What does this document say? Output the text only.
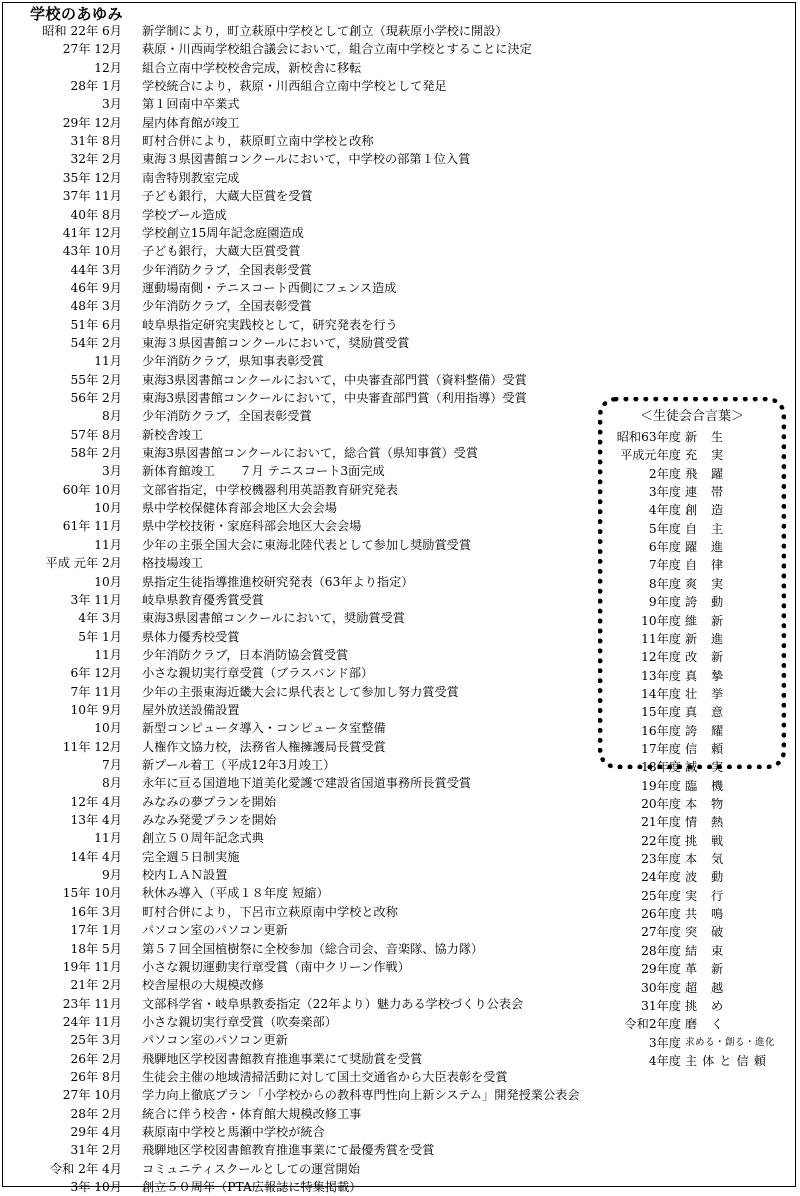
学校のあゆみ
昭和 22年 6月 新学制により，町立萩原中学校として創立（現萩原小学校に開設）
27年 12月 萩原・川西両学校組合議会において，組合立南中学校とすることに決定
12月 組合立南中学校校舎完成，新校舎に移転
28年 1月 学校統合により，萩原・川西組合立南中学校として発足
3月 第１回南中卒業式
29年 12月 屋内体育館が竣工
31年 8月 町村合併により，萩原町立南中学校と改称
32年 2月 東海３県図書館コンクールにおいて，中学校の部第１位入賞
35年 12月 南舎特別教室完成
37年 11月 子ども銀行，大蔵大臣賞を受賞
40年 8月 学校プール造成
41年 12月 学校創立15周年記念庭園造成
43年 10月 子ども銀行，大蔵大臣賞受賞
44年 3月 少年消防クラブ，全国表彰受賞
46年 9月 運動場南側・テニスコート西側にフェンス造成
48年 3月 少年消防クラブ，全国表彰受賞
51年 6月 岐阜県指定研究実践校として，研究発表を行う
54年 2月 東海３県図書館コンクールにおいて，奨励賞受賞
11月 少年消防クラブ，県知事表彰受賞
55年 2月 東海3県図書館コンクールにおいて，中央審査部門賞（資料整備）受賞
56年 2月 東海3県図書館コンクールにおいて，中央審査部門賞（利用指導）受賞
8月 少年消防クラブ，全国表彰受賞
57年 8月 新校舎竣工
58年 2月 東海3県図書館コンクールにおいて，総合賞（県知事賞）受賞
3月 新体育館竣工　　７月 テニスコート3面完成
60年 10月 文部省指定，中学校機器利用英語教育研究発表
10月 県中学校保健体育部会地区大会会場
61年 11月 県中学校技術・家庭科部会地区大会会場
11月 少年の主張全国大会に東海北陸代表として参加し奨励賞受賞
平成 元年 2月 格技場竣工
10月 県指定生徒指導推進校研究発表（63年より指定）
3年 11月 岐阜県教育優秀賞受賞
4年 3月 東海3県図書館コンクールにおいて，奨励賞受賞
5年 1月 県体力優秀校受賞
11月 少年消防クラブ，日本消防協会賞受賞
6年 12月 小さな親切実行章受賞（ブラスバンド部）
7年 11月 少年の主張東海近畿大会に県代表として参加し努力賞受賞
10年 9月 屋外放送設備設置
10月 新型コンピュータ導入・コンピュータ室整備
11年 12月 人権作文協力校，法務省人権擁護局長賞受賞
7月 新プール着工（平成12年3月竣工）
8月 永年に亘る国道地下道美化愛護で建設省国道事務所長賞受賞
12年 4月 みなみの夢プランを開始
13年 4月 みなみ発愛プランを開始
11月 創立５０周年記念式典
14年 4月 完全週５日制実施
9月 校内ＬＡＮ設置
15年 10月 秋休み導入（平成１８年度 短縮）
16年 3月 町村合併により，下呂市立萩原南中学校と改称
17年 1月 パソコン室のパソコン更新
18年 5月 第５７回全国植樹祭に全校参加（総合司会、音楽隊、協力隊）
19年 11月 小さな親切運動実行章受賞（南中クリーン作戦）
21年 2月 校舎屋根の大規模改修
23年 11月 文部科学省・岐阜県教委指定（22年より）魅力ある学校づくり公表会
24年 11月 小さな親切実行章受賞（吹奏楽部）
25年 3月 パソコン室のパソコン更新
26年 2月 飛騨地区学校図書館教育推進事業にて奨励賞を受賞
26年 8月 生徒会主催の地域清掃活動に対して国土交通省から大臣表彰を受賞
27年 10月 学力向上徹底プラン「小学校からの教科専門性向上新システム」開発授業公表会
28年 2月 統合に伴う校舎・体育館大規模改修工事
29年 4月 萩原南中学校と馬瀬中学校が統合
31年 2月 飛騨地区学校図書館教育推進事業にて最優秀賞を受賞
令和 2年 4月 コミュニティスクールとしての運営開始
3年 10月 創立５０周年（PTA広報誌に特集掲載）
＜生徒会合言葉＞
昭和63年度 新 生
平成元年度 充 実
2年度 飛 躍
3年度 連 帯
4年度 創 造
5年度 自 主
6年度 躍 進
7年度 自 律
8年度 爽 実
9年度 誇 動
10年度 維 新
11年度 新 進
12年度 改 新
13年度 真 摯
14年度 壮 挙
15年度 真 意
16年度 誇 耀
17年度 信 頼
18年度 誠 実
19年度 臨 機
20年度 本 物
21年度 情 熱
22年度 挑 戦
23年度 本 気
24年度 波 動
25年度 実 行
26年度 共 鳴
27年度 突 破
28年度 結 束
29年度 革 新
30年度 超 越
31年度 挑 め
令和2年度 磨 く
3年度 求める・創る・進化
4年度 主体と信頼
